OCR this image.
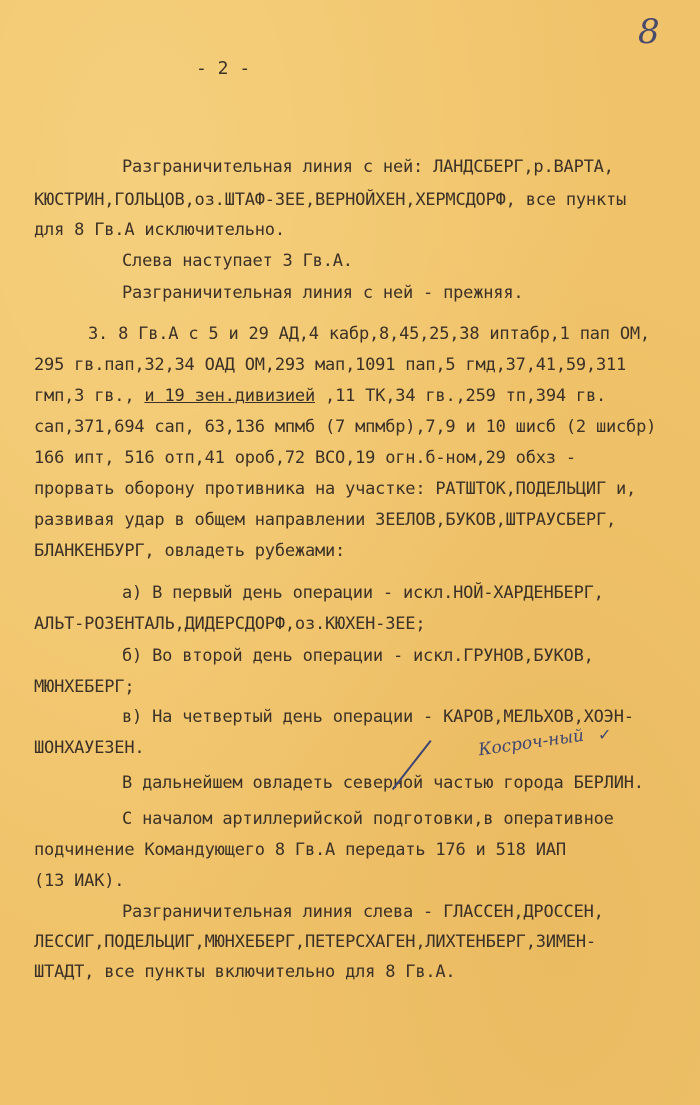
8
- 2 -
Разграничительная линия с ней: ЛАНДСБЕРГ,р.ВАРТА,
КЮСТРИН,ГОЛЬЦОВ,оз.ШТАФ-ЗЕЕ,ВЕРНОЙХЕН,ХЕРМСДОРФ, все пункты
для 8 Гв.А исключительно.
Слева наступает 3 Гв.А.
Разграничительная линия с ней - прежняя.
3. 8 Гв.А с 5 и 29 АД,4 кабр,8,45,25,38 иптабр,1 пап ОМ,
295 гв.пап,32,34 ОАД ОМ,293 мап,1091 пап,5 гмд,37,41,59,311
гмп,3 гв., и 19 зен.дивизией ,11 ТК,34 гв.,259 тп,394 гв.
сап,371,694 сап, 63,136 мпмб (7 мпмбр),7,9 и 10 шисб (2 шисбр)
166 ипт, 516 отп,41 ороб,72 ВСО,19 огн.б-ном,29 обхз -
прорвать оборону противника на участке: РАТШТОК,ПОДЕЛЬЦИГ и,
развивая удар в общем направлении ЗЕЕЛОВ,БУКОВ,ШТРАУСБЕРГ,
БЛАНКЕНБУРГ, овладеть рубежами:
а) В первый день операции - искл.НОЙ-ХАРДЕНБЕРГ,
АЛЬТ-РОЗЕНТАЛЬ,ДИДЕРСДОРФ,оз.КЮХЕН-ЗЕЕ;
б) Во второй день операции - искл.ГРУНОВ,БУКОВ,
МЮНХЕБЕРГ;
в) На четвертый день операции - КАРОВ,МЕЛЬХОВ,ХОЭН-
ШОНХАУЕЗЕН.
В дальнейшем овладеть северной частью города БЕРЛИН.
С началом артиллерийской подготовки,в оперативное
подчинение Командующего 8 Гв.А передать 176 и 518 ИАП
(13 ИАК).
Разграничительная линия слева - ГЛАССЕН,ДРОССЕН,
ЛЕССИГ,ПОДЕЛЬЦИГ,МЮНХЕБЕРГ,ПЕТЕРСХАГЕН,ЛИХТЕНБЕРГ,ЗИМЕН-
ШТАДТ, все пункты включительно для 8 Гв.А.
Косроч-ный ✓
